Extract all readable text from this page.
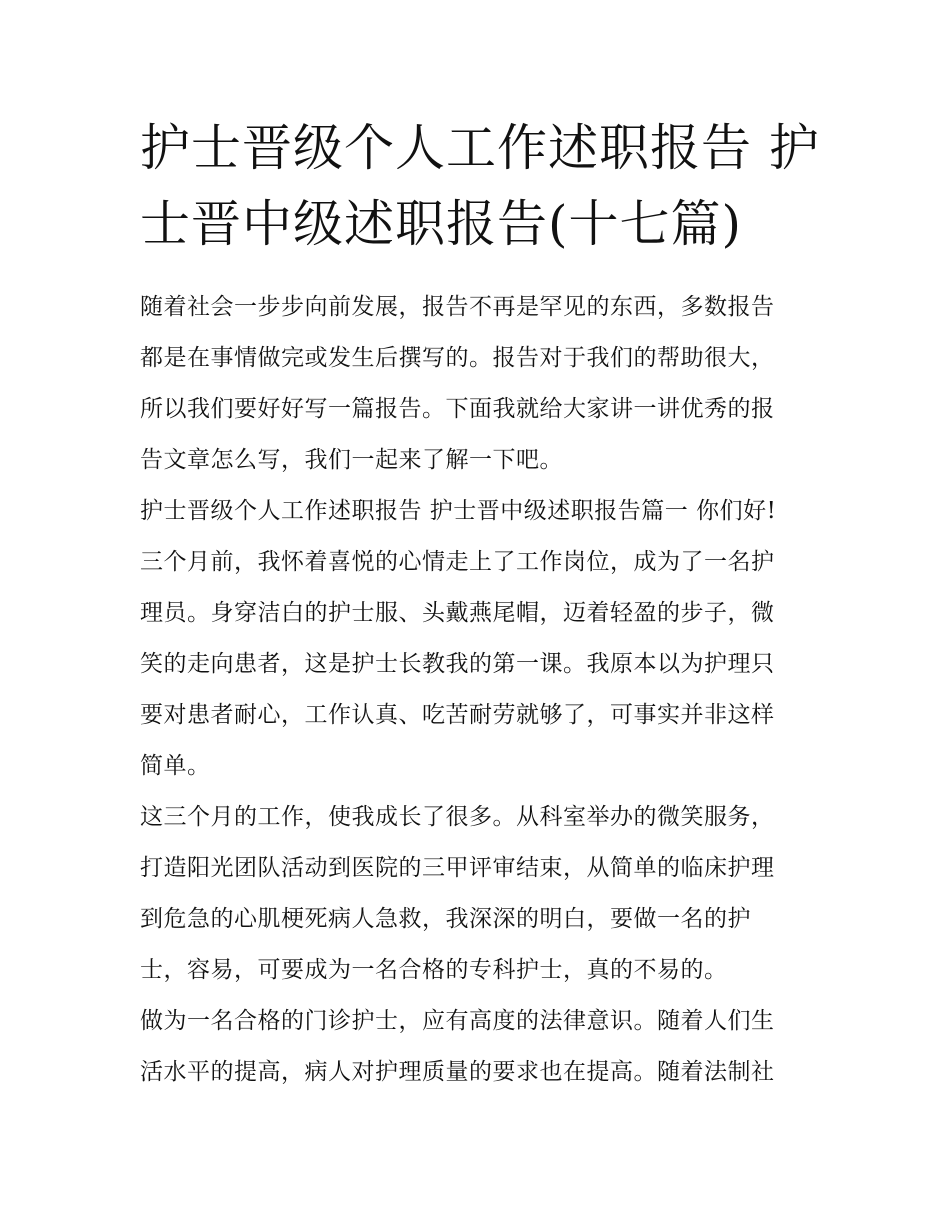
护士晋级个人工作述职报告 护
士晋中级述职报告(十七篇)
随着社会一步步向前发展，报告不再是罕见的东西，多数报告
都是在事情做完或发生后撰写的。报告对于我们的帮助很大，
所以我们要好好写一篇报告。下面我就给大家讲一讲优秀的报
告文章怎么写，我们一起来了解一下吧。
护士晋级个人工作述职报告 护士晋中级述职报告篇一 你们好!
三个月前，我怀着喜悦的心情走上了工作岗位，成为了一名护
理员。身穿洁白的护士服、头戴燕尾帽，迈着轻盈的步子，微
笑的走向患者，这是护士长教我的第一课。我原本以为护理只
要对患者耐心，工作认真、吃苦耐劳就够了，可事实并非这样
简单。
这三个月的工作，使我成长了很多。从科室举办的微笑服务，
打造阳光团队活动到医院的三甲评审结束，从简单的临床护理
到危急的心肌梗死病人急救，我深深的明白，要做一名的护
士，容易，可要成为一名合格的专科护士，真的不易的。
做为一名合格的门诊护士，应有高度的法律意识。随着人们生
活水平的提高，病人对护理质量的要求也在提高。随着法制社
